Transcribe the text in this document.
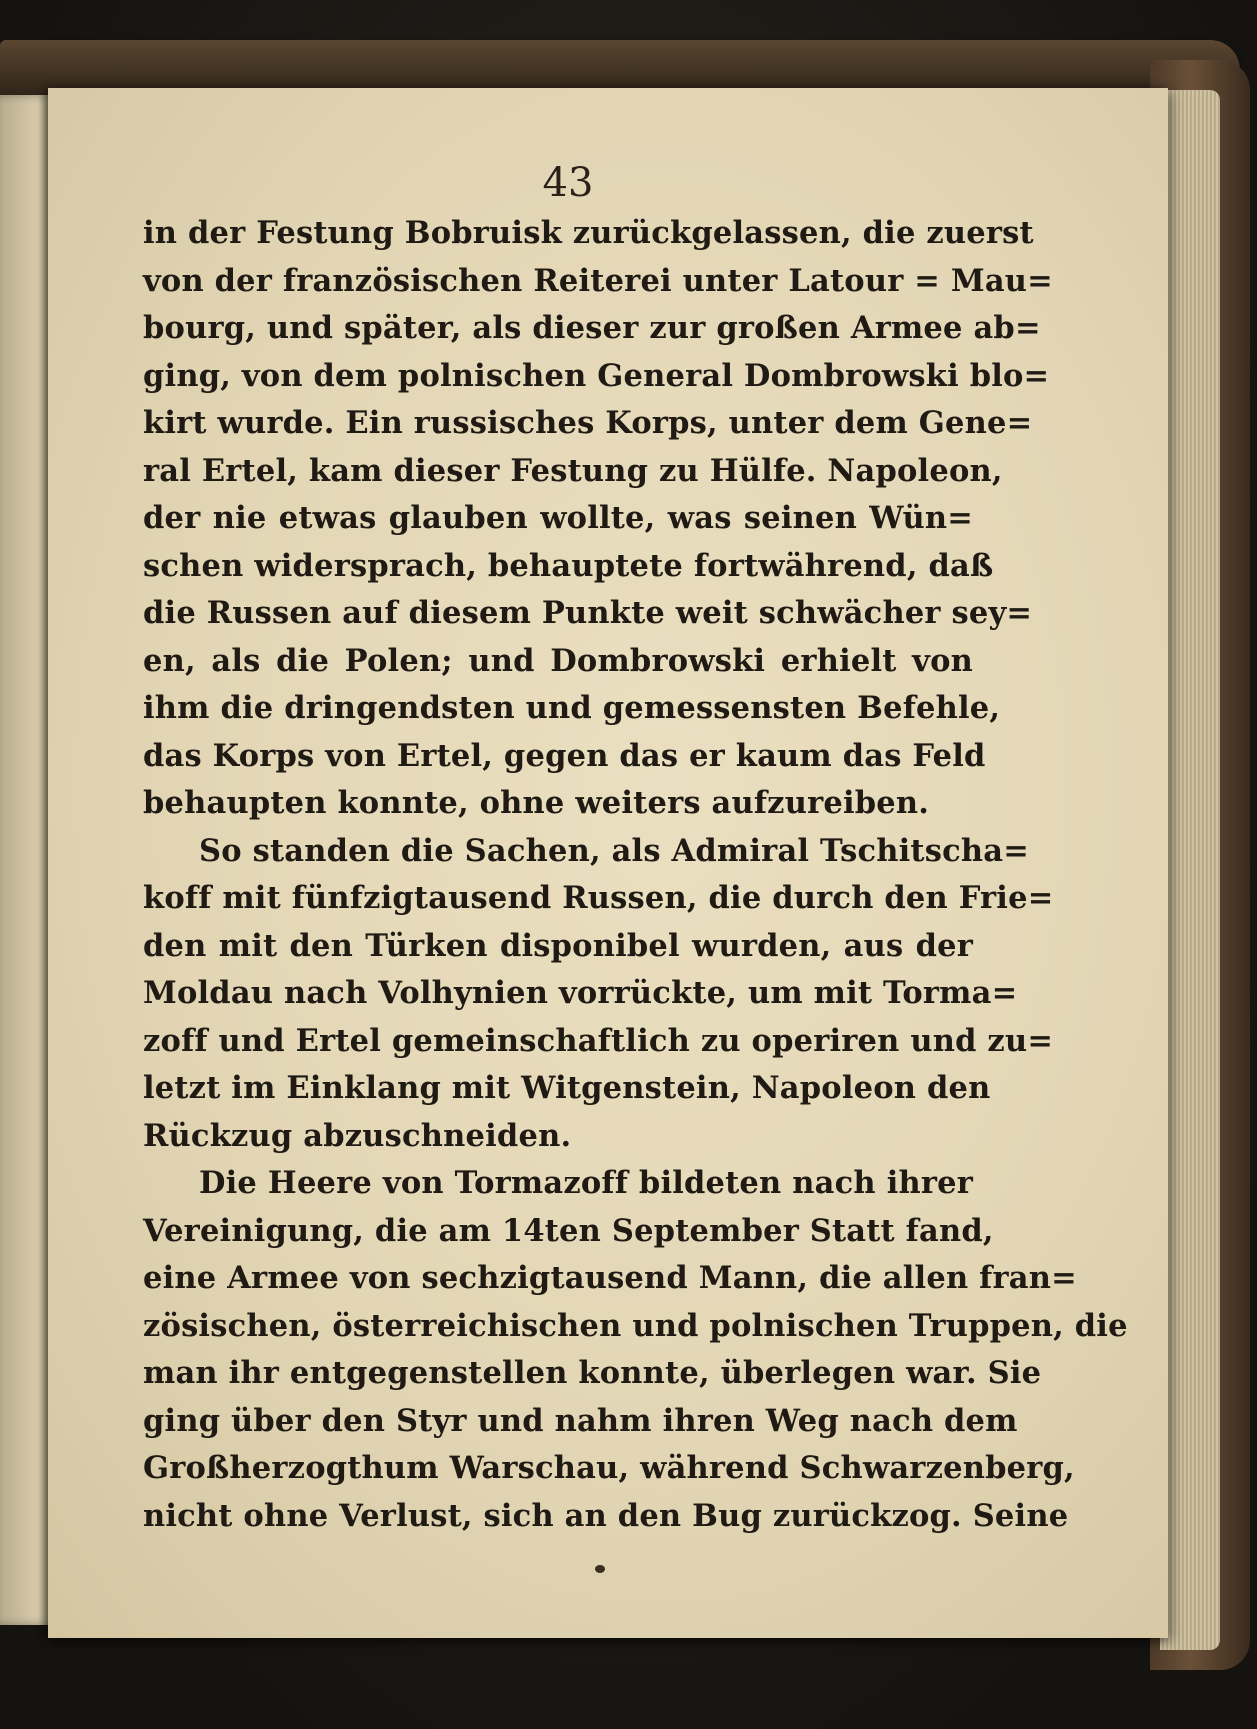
43
in der Festung Bobruisk zurückgelassen, die zuerst
von der französischen Reiterei unter Latour = Mau=
bourg, und später, als dieser zur großen Armee ab=
ging, von dem polnischen General Dombrowski blo=
kirt wurde. Ein russisches Korps, unter dem Gene=
ral Ertel, kam dieser Festung zu Hülfe. Napoleon,
der nie etwas glauben wollte, was seinen Wün=
schen widersprach, behauptete fortwährend, daß
die Russen auf diesem Punkte weit schwächer sey=
en, als die Polen; und Dombrowski erhielt von
ihm die dringendsten und gemessensten Befehle,
das Korps von Ertel, gegen das er kaum das Feld
behaupten konnte, ohne weiters aufzureiben.
So standen die Sachen, als Admiral Tschitscha=
koff mit fünfzigtausend Russen, die durch den Frie=
den mit den Türken disponibel wurden, aus der
Moldau nach Volhynien vorrückte, um mit Torma=
zoff und Ertel gemeinschaftlich zu operiren und zu=
letzt im Einklang mit Witgenstein, Napoleon den
Rückzug abzuschneiden.
Die Heere von Tormazoff bildeten nach ihrer
Vereinigung, die am 14ten September Statt fand,
eine Armee von sechzigtausend Mann, die allen fran=
zösischen, österreichischen und polnischen Truppen, die
man ihr entgegenstellen konnte, überlegen war. Sie
ging über den Styr und nahm ihren Weg nach dem
Großherzogthum Warschau, während Schwarzenberg,
nicht ohne Verlust, sich an den Bug zurückzog. Seine
